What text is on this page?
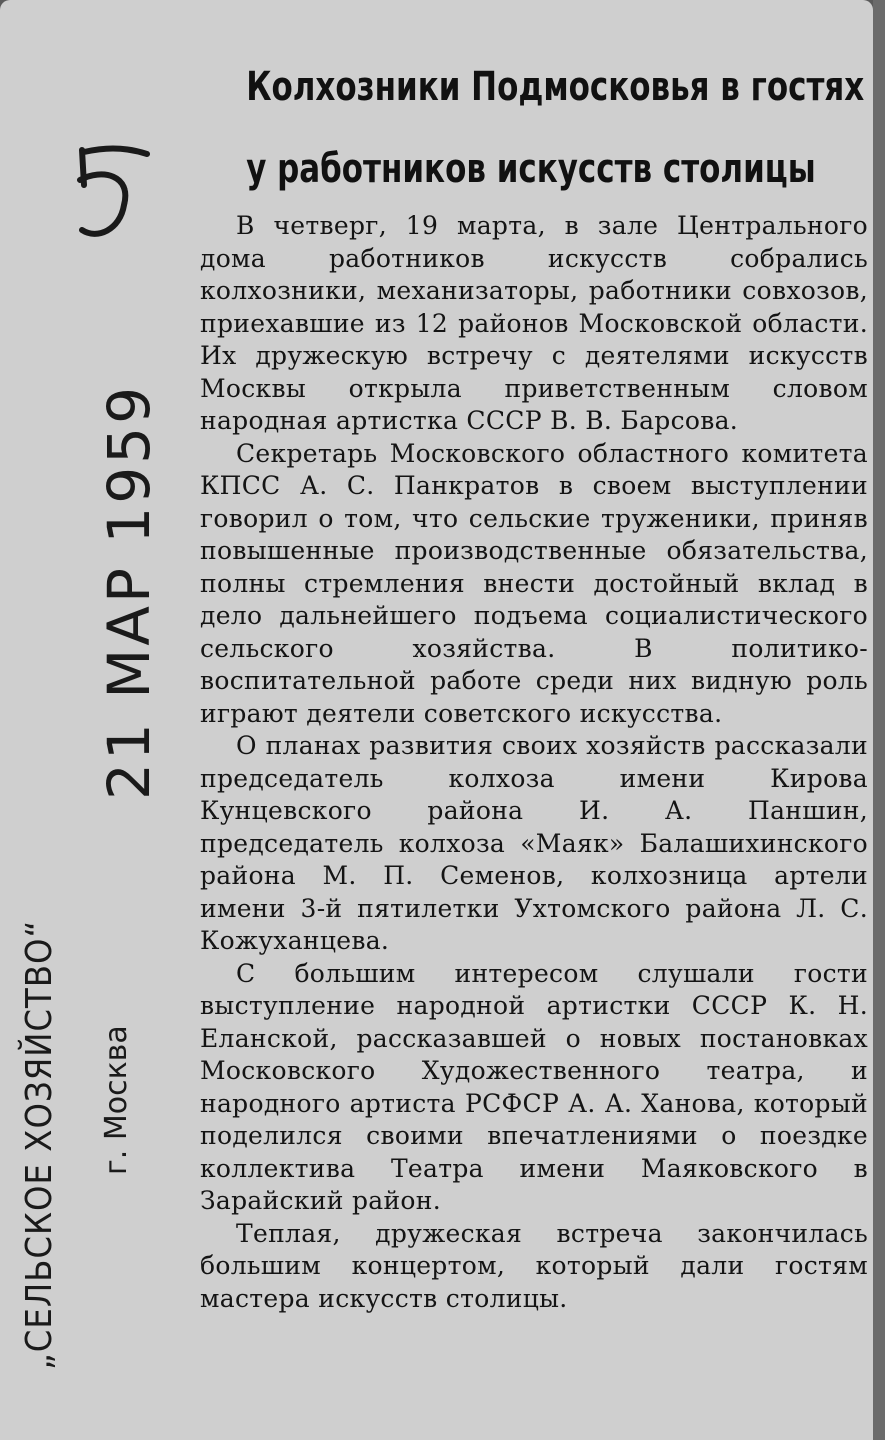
21 МАР 1959
„СЕЛЬСКОЕ ХОЗЯЙСТВО“ г. Москва
Колхозники Подмосковья в гостях
у работников искусств столицы

В четверг, 19 марта, в зале Центрального дома работников искусств собрались колхозники, механизаторы, работники совхозов, приехавшие из 12 районов Московской области. Их дружескую встречу с деятелями искусств Москвы открыла приветственным словом народная артистка СССР В. В. Барсова.

Секретарь Московского областного комитета КПСС А. С. Панкратов в своем выступлении говорил о том, что сельские труженики, приняв повышенные производственные обязательства, полны стремления внести достойный вклад в дело дальнейшего подъема социалистического сельского хозяйства. В политико-воспитательной работе среди них видную роль играют деятели советского искусства.

О планах развития своих хозяйств рассказали председатель колхоза имени Кирова Кунцевского района И. А. Паншин, председатель колхоза «Маяк» Балашихинского района М. П. Семенов, колхозница артели имени 3-й пятилетки Ухтомского района Л. С. Кожуханцева.

С большим интересом слушали гости выступление народной артистки СССР К. Н. Еланской, рассказавшей о новых постановках Московского Художественного театра, и народного артиста РСФСР А. А. Ханова, который поделился своими впечатлениями о поездке коллектива Театра имени Маяковского в Зарайский район.

Теплая, дружеская встреча закончилась большим концертом, который дали гостям мастера искусств столицы.
